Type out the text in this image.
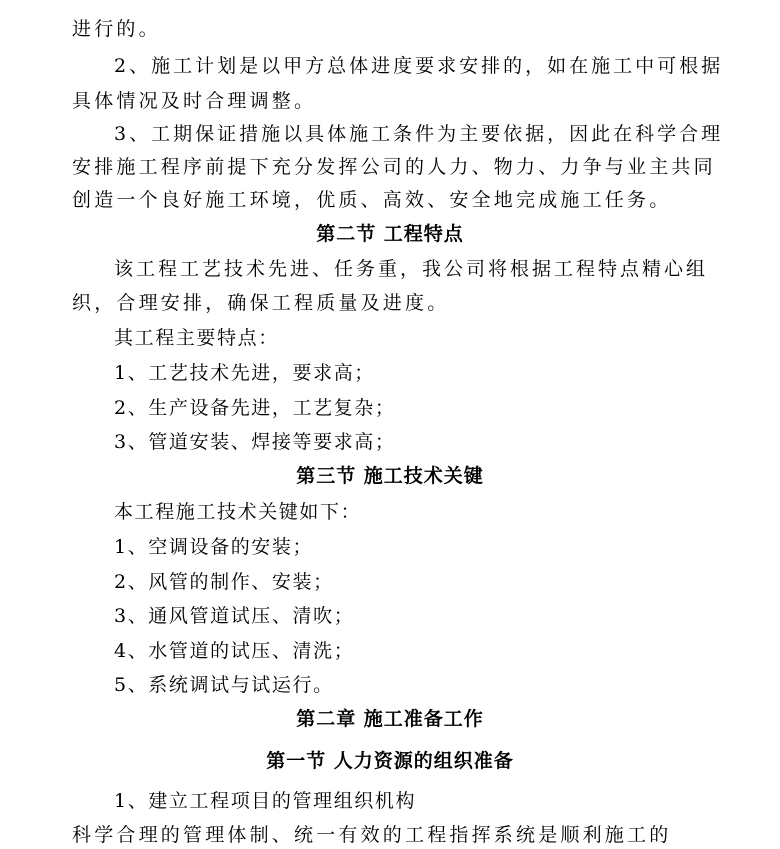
进行的。
2、施工计划是以甲方总体进度要求安排的，如在施工中可根据
具体情况及时合理调整。
3、工期保证措施以具体施工条件为主要依据，因此在科学合理
安排施工程序前提下充分发挥公司的人力、物力、力争与业主共同
创造一个良好施工环境，优质、高效、安全地完成施工任务。
第二节 工程特点
该工程工艺技术先进、任务重，我公司将根据工程特点精心组
织，合理安排，确保工程质量及进度。
其工程主要特点：
1、工艺技术先进，要求高；
2、生产设备先进，工艺复杂；
3、管道安装、焊接等要求高；
第三节 施工技术关键
本工程施工技术关键如下：
1、空调设备的安装；
2、风管的制作、安装；
3、通风管道试压、清吹；
4、水管道的试压、清洗；
5、系统调试与试运行。
第二章 施工准备工作
第一节 人力资源的组织准备
1、建立工程项目的管理组织机构
科学合理的管理体制、统一有效的工程指挥系统是顺利施工的
